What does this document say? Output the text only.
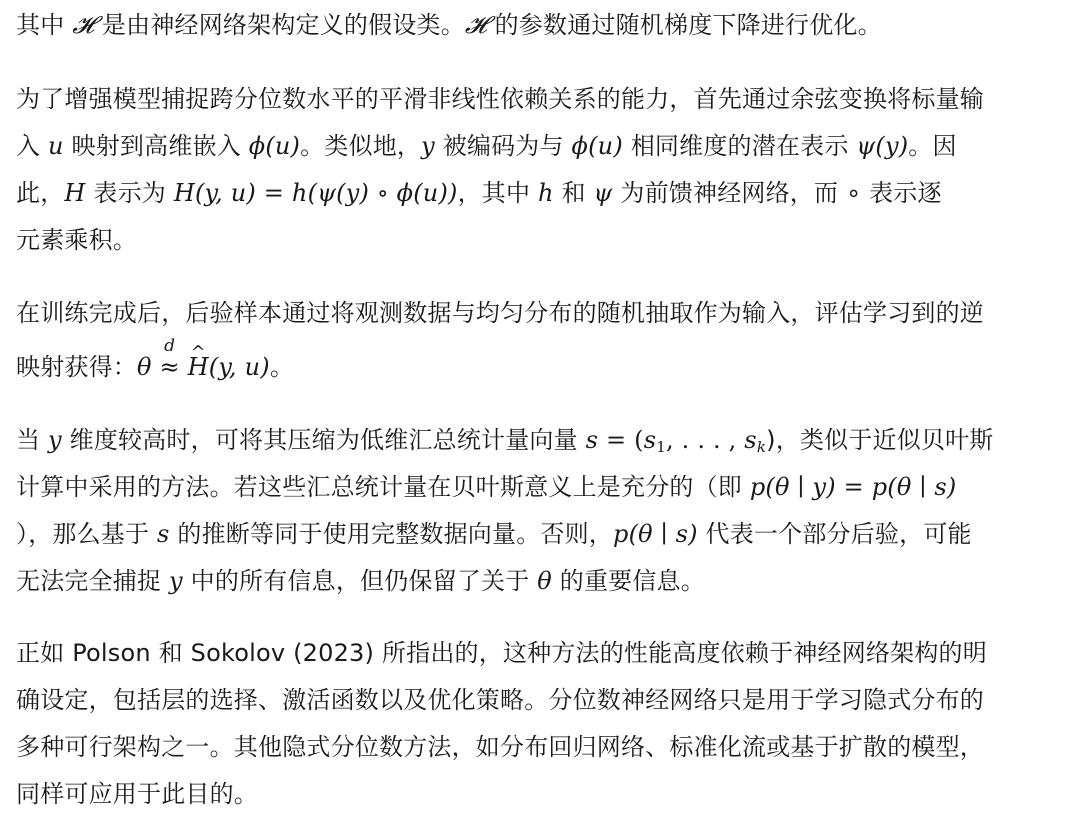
其中 𝓗 是由神经网络架构定义的假设类。𝓗 的参数通过随机梯度下降进行优化。
为了增强模型捕捉跨分位数水平的平滑非线性依赖关系的能力，首先通过余弦变换将标量输
入 u 映射到高维嵌入 ϕ(u)。类似地，y 被编码为与 ϕ(u) 相同维度的潜在表示 ψ(y)。因
此，H 表示为 H(y, u) = h(ψ(y) ∘ ϕ(u))，其中 h 和 ψ 为前馈神经网络，而 ∘ 表示逐
元素乘积。
在训练完成后，后验样本通过将观测数据与均匀分布的随机抽取作为输入，评估学习到的逆
映射获得：θ ≈
d
^ H(y, u)。
当 y 维度较高时，可将其压缩为低维汇总统计量向量 $s = (s_1$, . . . , $s_k$)，类似于近似贝叶斯
计算中采用的方法。若这些汇总统计量在贝叶斯意义上是充分的（即 p(θ ∣ y) = p(θ ∣ s)
），那么基于 s 的推断等同于使用完整数据向量。否则，p(θ ∣ s) 代表一个部分后验，可能
无法完全捕捉 y 中的所有信息，但仍保留了关于 θ 的重要信息。
正如 Polson 和 Sokolov (2023) 所指出的，这种方法的性能高度依赖于神经网络架构的明
确设定，包括层的选择、激活函数以及优化策略。分位数神经网络只是用于学习隐式分布的
多种可行架构之一。其他隐式分位数方法，如分布回归网络、标准化流或基于扩散的模型，
同样可应用于此目的。
